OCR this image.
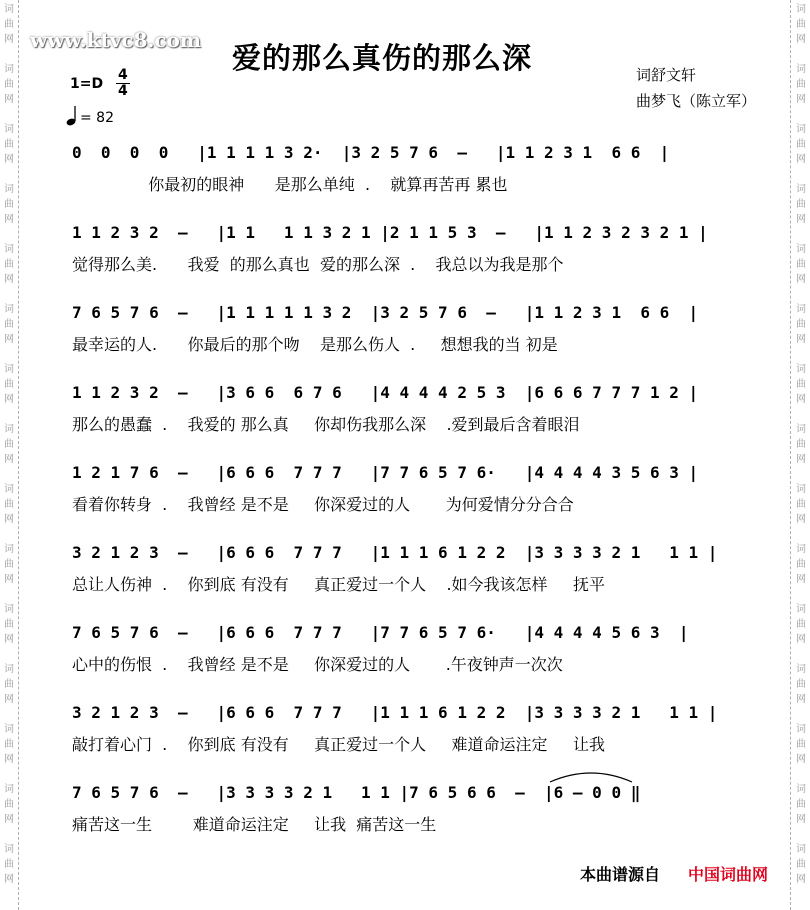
词曲网
词曲网
词曲网
词曲网
词曲网
词曲网
词曲网
词曲网
词曲网
词曲网
词曲网
词曲网
词曲网
词曲网
词曲网
词曲网
词曲网
词曲网
词曲网
词曲网
词曲网
词曲网
词曲网
词曲网
词曲网
词曲网
词曲网
词曲网
词曲网
词曲网
www.ktvc8.com
爱的那么真伤的那么深	词舒文轩
曲梦飞（陈立军）
1=D
4
4
= 82
0  0  0  0   |1 1 1 1 3 2·  |3 2 5 7 6  –   |1 1 2 3 1  6 6  |
你最初的眼神      是那么单纯  .    就算再苦再 累也
1 1 2 3 2  –   |1 1   1 1 3 2 1 |2 1 1 5 3  –   |1 1 2 3 2 3 2 1 |
觉得那么美.      我爱  的那么真也  爱的那么深  .    我总以为我是那个
7 6 5 7 6  –   |1 1 1 1 1 3 2  |3 2 5 7 6  –   |1 1 2 3 1  6 6  |
最幸运的人.      你最后的那个吻    是那么伤人  .     想想我的当 初是
1 1 2 3 2  –   |3 6 6  6 7 6   |4 4 4 4 2 5 3  |6 6 6 7 7 7 1 2 |
那么的愚蠢  .    我爱的 那么真     你却伤我那么深    .爱到最后含着眼泪
1 2 1 7 6  –   |6 6 6  7 7 7   |7 7 6 5 7 6·   |4 4 4 4 3 5 6 3 |
看着你转身  .    我曾经 是不是     你深爱过的人       为何爱情分分合合
3 2 1 2 3  –   |6 6 6  7 7 7   |1 1 1 6 1 2 2  |3 3 3 3 2 1   1 1 |
总让人伤神  .    你到底 有没有     真正爱过一个人    .如今我该怎样     抚平
7 6 5 7 6  –   |6 6 6  7 7 7   |7 7 6 5 7 6·   |4 4 4 4 5 6 3  |
心中的伤恨  .    我曾经 是不是     你深爱过的人       .午夜钟声一次次
3 2 1 2 3  –   |6 6 6  7 7 7   |1 1 1 6 1 2 2  |3 3 3 3 2 1   1 1 |
敲打着心门  .    你到底 有没有     真正爱过一个人     难道命运注定     让我
7 6 5 7 6  –   |3 3 3 3 2 1   1 1 |7 6 5 6 6  –  |6 – 0 0 ‖
痛苦这一生        难道命运注定     让我  痛苦这一生
本曲谱源自 中国词曲网
